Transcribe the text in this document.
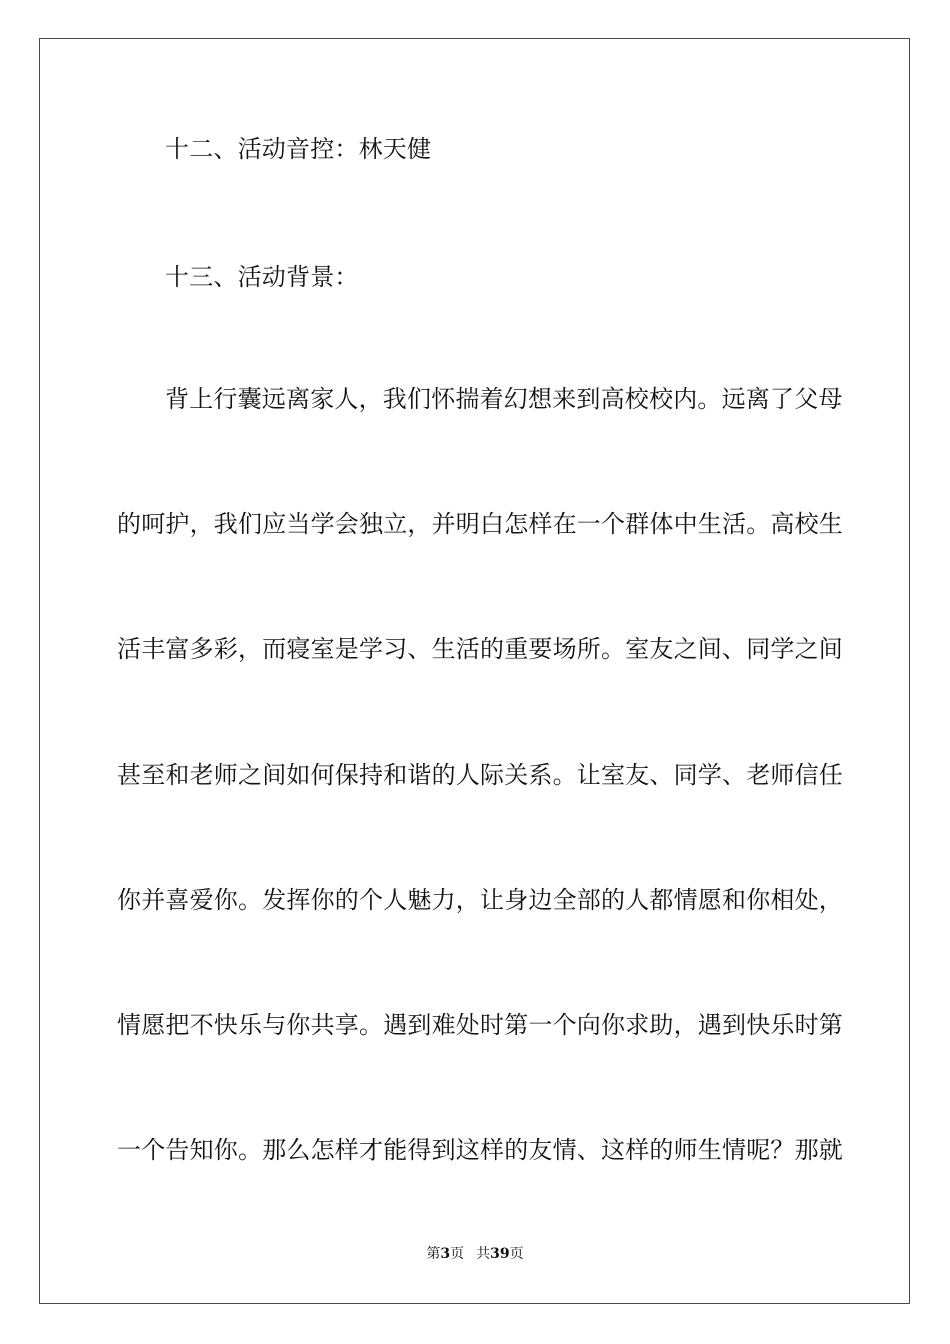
十二、活动音控：林天健
十三、活动背景：
背上行囊远离家人，我们怀揣着幻想来到高校校内。远离了父母
的呵护，我们应当学会独立，并明白怎样在一个群体中生活。高校生
活丰富多彩，而寝室是学习、生活的重要场所。室友之间、同学之间
甚至和老师之间如何保持和谐的人际关系。让室友、同学、老师信任
你并喜爱你。发挥你的个人魅力，让身边全部的人都情愿和你相处，
情愿把不快乐与你共享。遇到难处时第一个向你求助，遇到快乐时第
一个告知你。那么怎样才能得到这样的友情、这样的师生情呢？那就
第3页 共39页
